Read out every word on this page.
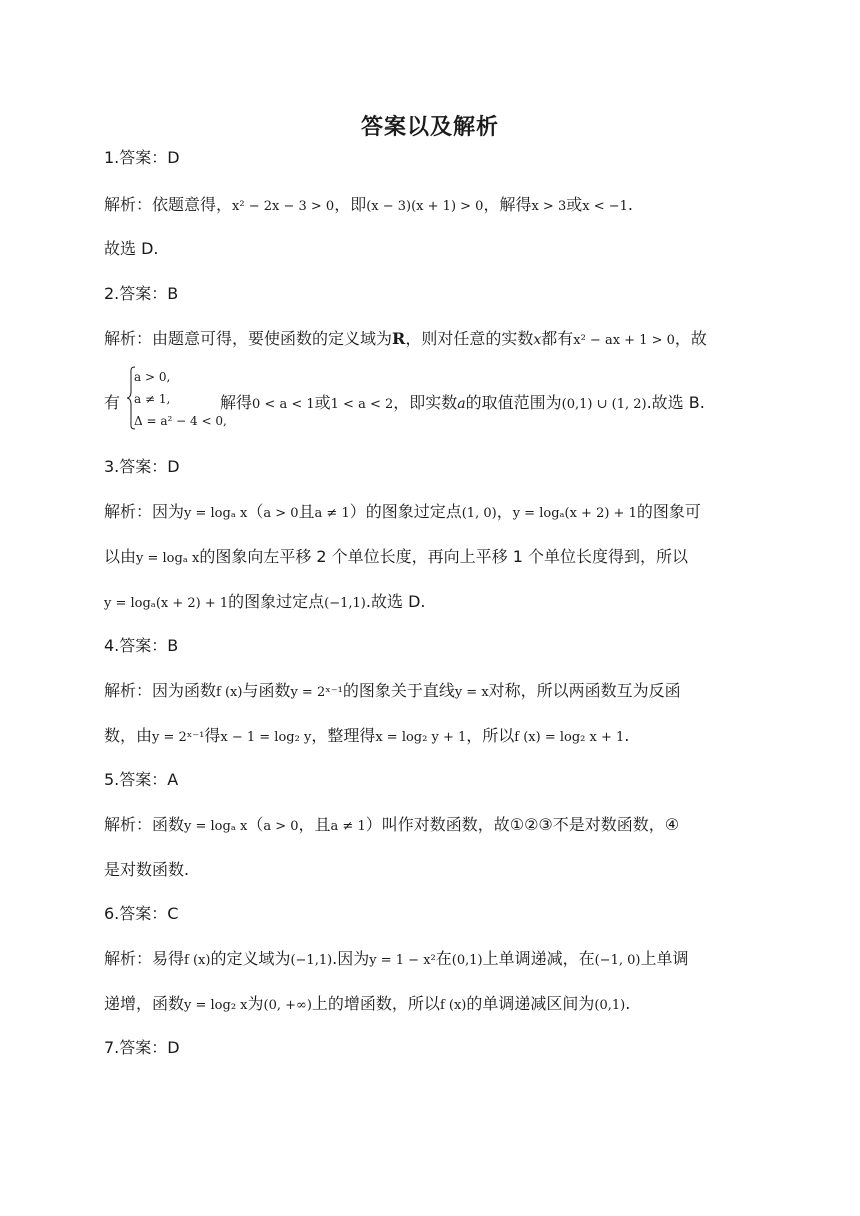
答案以及解析
1.答案：D
解析：依题意得，x² − 2x − 3 > 0，即(x − 3)(x + 1) > 0，解得x > 3或x < −1.
故选 D.
2.答案：B
解析：由题意可得，要使函数的定义域为R，则对任意的实数x都有x² − ax + 1 > 0，故
有
a > 0,
a ≠ 1,
Δ = a² − 4 < 0,
解得0 < a < 1或1 < a < 2，即实数a的取值范围为(0,1) ∪ (1, 2).故选 B.
3.答案：D
解析：因为y = logₐ x（a > 0且a ≠ 1）的图象过定点(1, 0)，y = logₐ(x + 2) + 1的图象可
以由y = logₐ x的图象向左平移 2 个单位长度，再向上平移 1 个单位长度得到，所以
y = logₐ(x + 2) + 1的图象过定点(−1,1).故选 D.
4.答案：B
解析：因为函数f (x)与函数y = 2ˣ⁻¹的图象关于直线y = x对称，所以两函数互为反函
数，由y = 2ˣ⁻¹得x − 1 = log₂ y，整理得x = log₂ y + 1，所以f (x) = log₂ x + 1.
5.答案：A
解析：函数y = logₐ x（a > 0，且a ≠ 1）叫作对数函数，故①②③不是对数函数，④
是对数函数.
6.答案：C
解析：易得f (x)的定义域为(−1,1).因为y = 1 − x²在(0,1)上单调递减，在(−1, 0)上单调
递增，函数y = log₂ x为(0, +∞)上的增函数，所以f (x)的单调递减区间为(0,1).
7.答案：D
